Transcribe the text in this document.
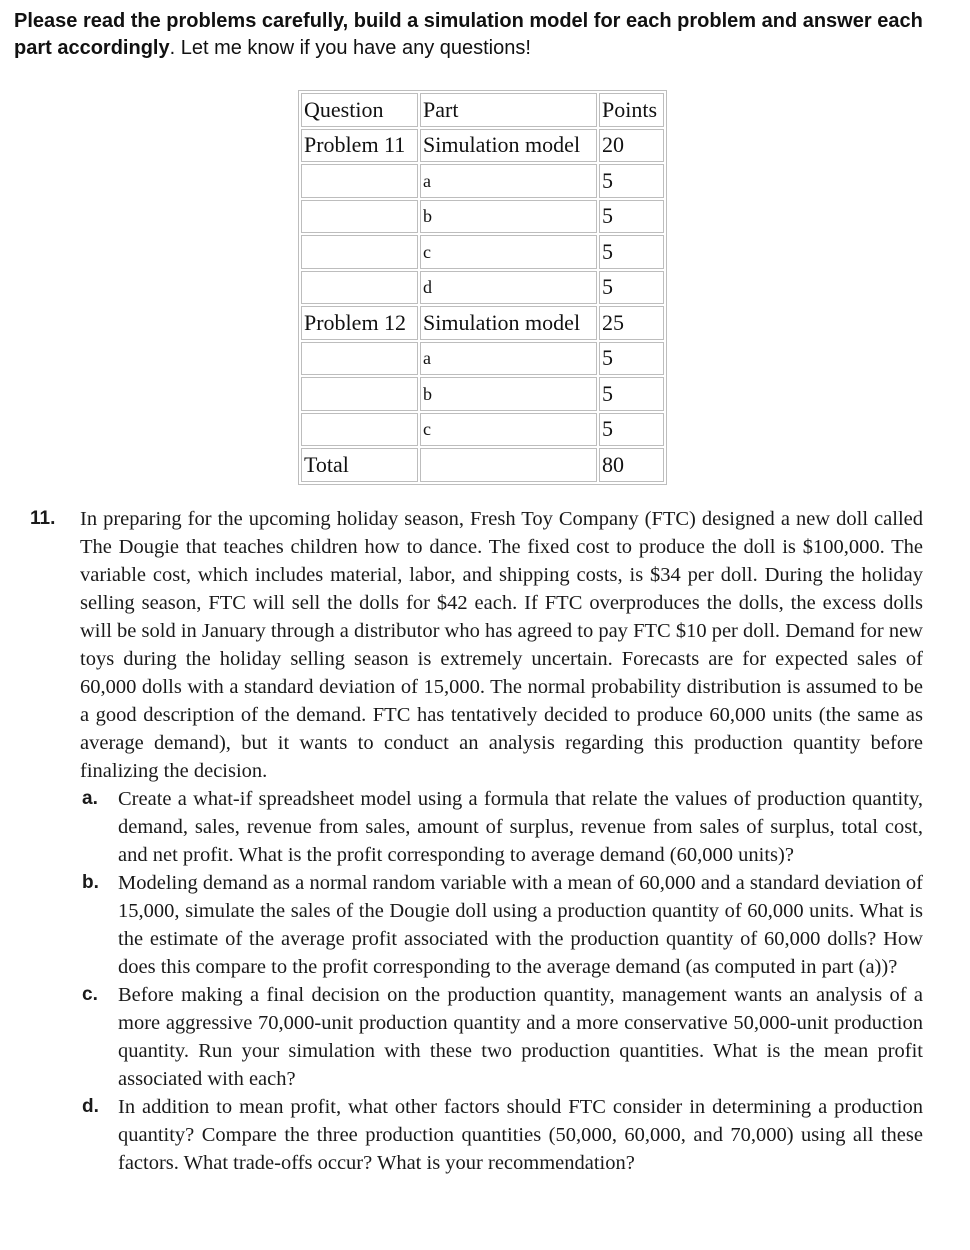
Please read the problems carefully, build a simulation model for each problem and answer each part accordingly. Let me know if you have any questions!
Question	Part	Points
Problem 11	Simulation model	20
	a	5
	b	5
	c	5
	d	5
Problem 12	Simulation model	25
	a	5
	b	5
	c	5
Total		80
11. In preparing for the upcoming holiday season, Fresh Toy Company (FTC) designed a new doll called The Dougie that teaches children how to dance. The fixed cost to produce the doll is $100,000. The variable cost, which includes material, labor, and shipping costs, is $34 per doll. During the holiday selling season, FTC will sell the dolls for $42 each. If FTC overproduces the dolls, the excess dolls will be sold in January through a distributor who has agreed to pay FTC $10 per doll. Demand for new toys during the holiday selling season is extremely uncertain. Forecasts are for expected sales of 60,000 dolls with a standard deviation of 15,000. The normal probability distribution is assumed to be a good description of the demand. FTC has tentatively decided to produce 60,000 units (the same as average demand), but it wants to conduct an analysis regarding this production quantity before finalizing the decision.
a. Create a what-if spreadsheet model using a formula that relate the values of production quantity, demand, sales, revenue from sales, amount of surplus, revenue from sales of surplus, total cost, and net profit. What is the profit corresponding to average demand (60,000 units)?
b. Modeling demand as a normal random variable with a mean of 60,000 and a standard deviation of 15,000, simulate the sales of the Dougie doll using a production quantity of 60,000 units. What is the estimate of the average profit associated with the production quantity of 60,000 dolls? How does this compare to the profit corresponding to the average demand (as computed in part (a))?
c. Before making a final decision on the production quantity, management wants an analysis of a more aggressive 70,000-unit production quantity and a more conservative 50,000-unit production quantity. Run your simulation with these two production quantities. What is the mean profit associated with each?
d. In addition to mean profit, what other factors should FTC consider in determining a production quantity? Compare the three production quantities (50,000, 60,000, and 70,000) using all these factors. What trade-offs occur? What is your recommendation?
